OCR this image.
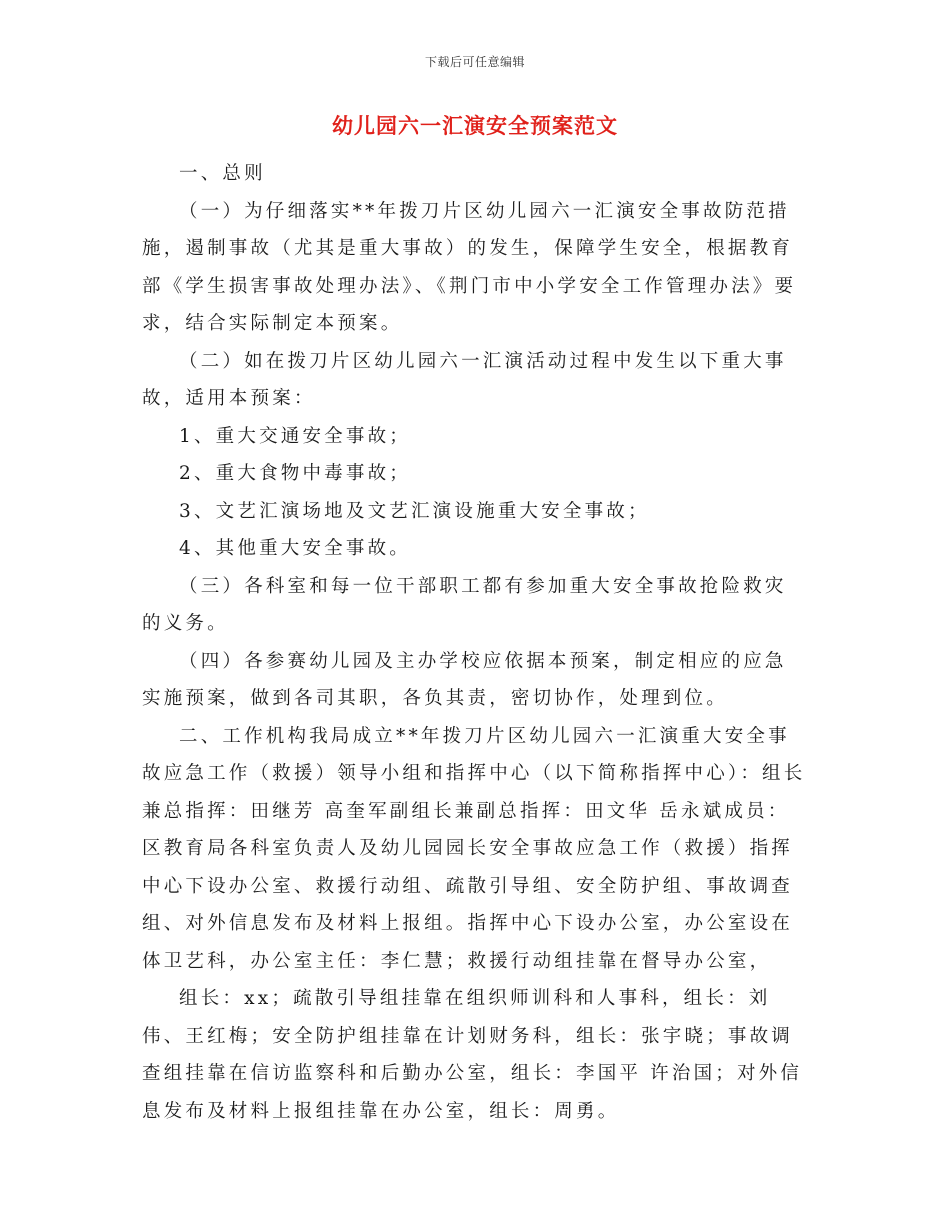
下载后可任意编辑
幼儿园六一汇演安全预案范文

一、总则

（一）为仔细落实**年拨刀片区幼儿园六一汇演安全事故防范措施，遏制事故（尤其是重大事故）的发生，保障学生安全，根据教育部《学生损害事故处理办法》、《荆门市中小学安全工作管理办法》要求，结合实际制定本预案。

（二）如在拨刀片区幼儿园六一汇演活动过程中发生以下重大事故，适用本预案：

1、重大交通安全事故；

2、重大食物中毒事故；

3、文艺汇演场地及文艺汇演设施重大安全事故；

4、其他重大安全事故。

（三）各科室和每一位干部职工都有参加重大安全事故抢险救灾的义务。

（四）各参赛幼儿园及主办学校应依据本预案，制定相应的应急实施预案，做到各司其职，各负其责，密切协作，处理到位。

二、工作机构我局成立**年拨刀片区幼儿园六一汇演重大安全事故应急工作（救援）领导小组和指挥中心（以下简称指挥中心）：组长兼总指挥：田继芳 高奎军副组长兼副总指挥：田文华 岳永斌成员：区教育局各科室负责人及幼儿园园长安全事故应急工作（救援）指挥中心下设办公室、救援行动组、疏散引导组、安全防护组、事故调查组、对外信息发布及材料上报组。指挥中心下设办公室，办公室设在体卫艺科，办公室主任：李仁慧；救援行动组挂靠在督导办公室，

组长：xx；疏散引导组挂靠在组织师训科和人事科，组长：刘伟、王红梅；安全防护组挂靠在计划财务科，组长：张宇晓；事故调查组挂靠在信访监察科和后勤办公室，组长：李国平 许治国；对外信息发布及材料上报组挂靠在办公室，组长：周勇。
